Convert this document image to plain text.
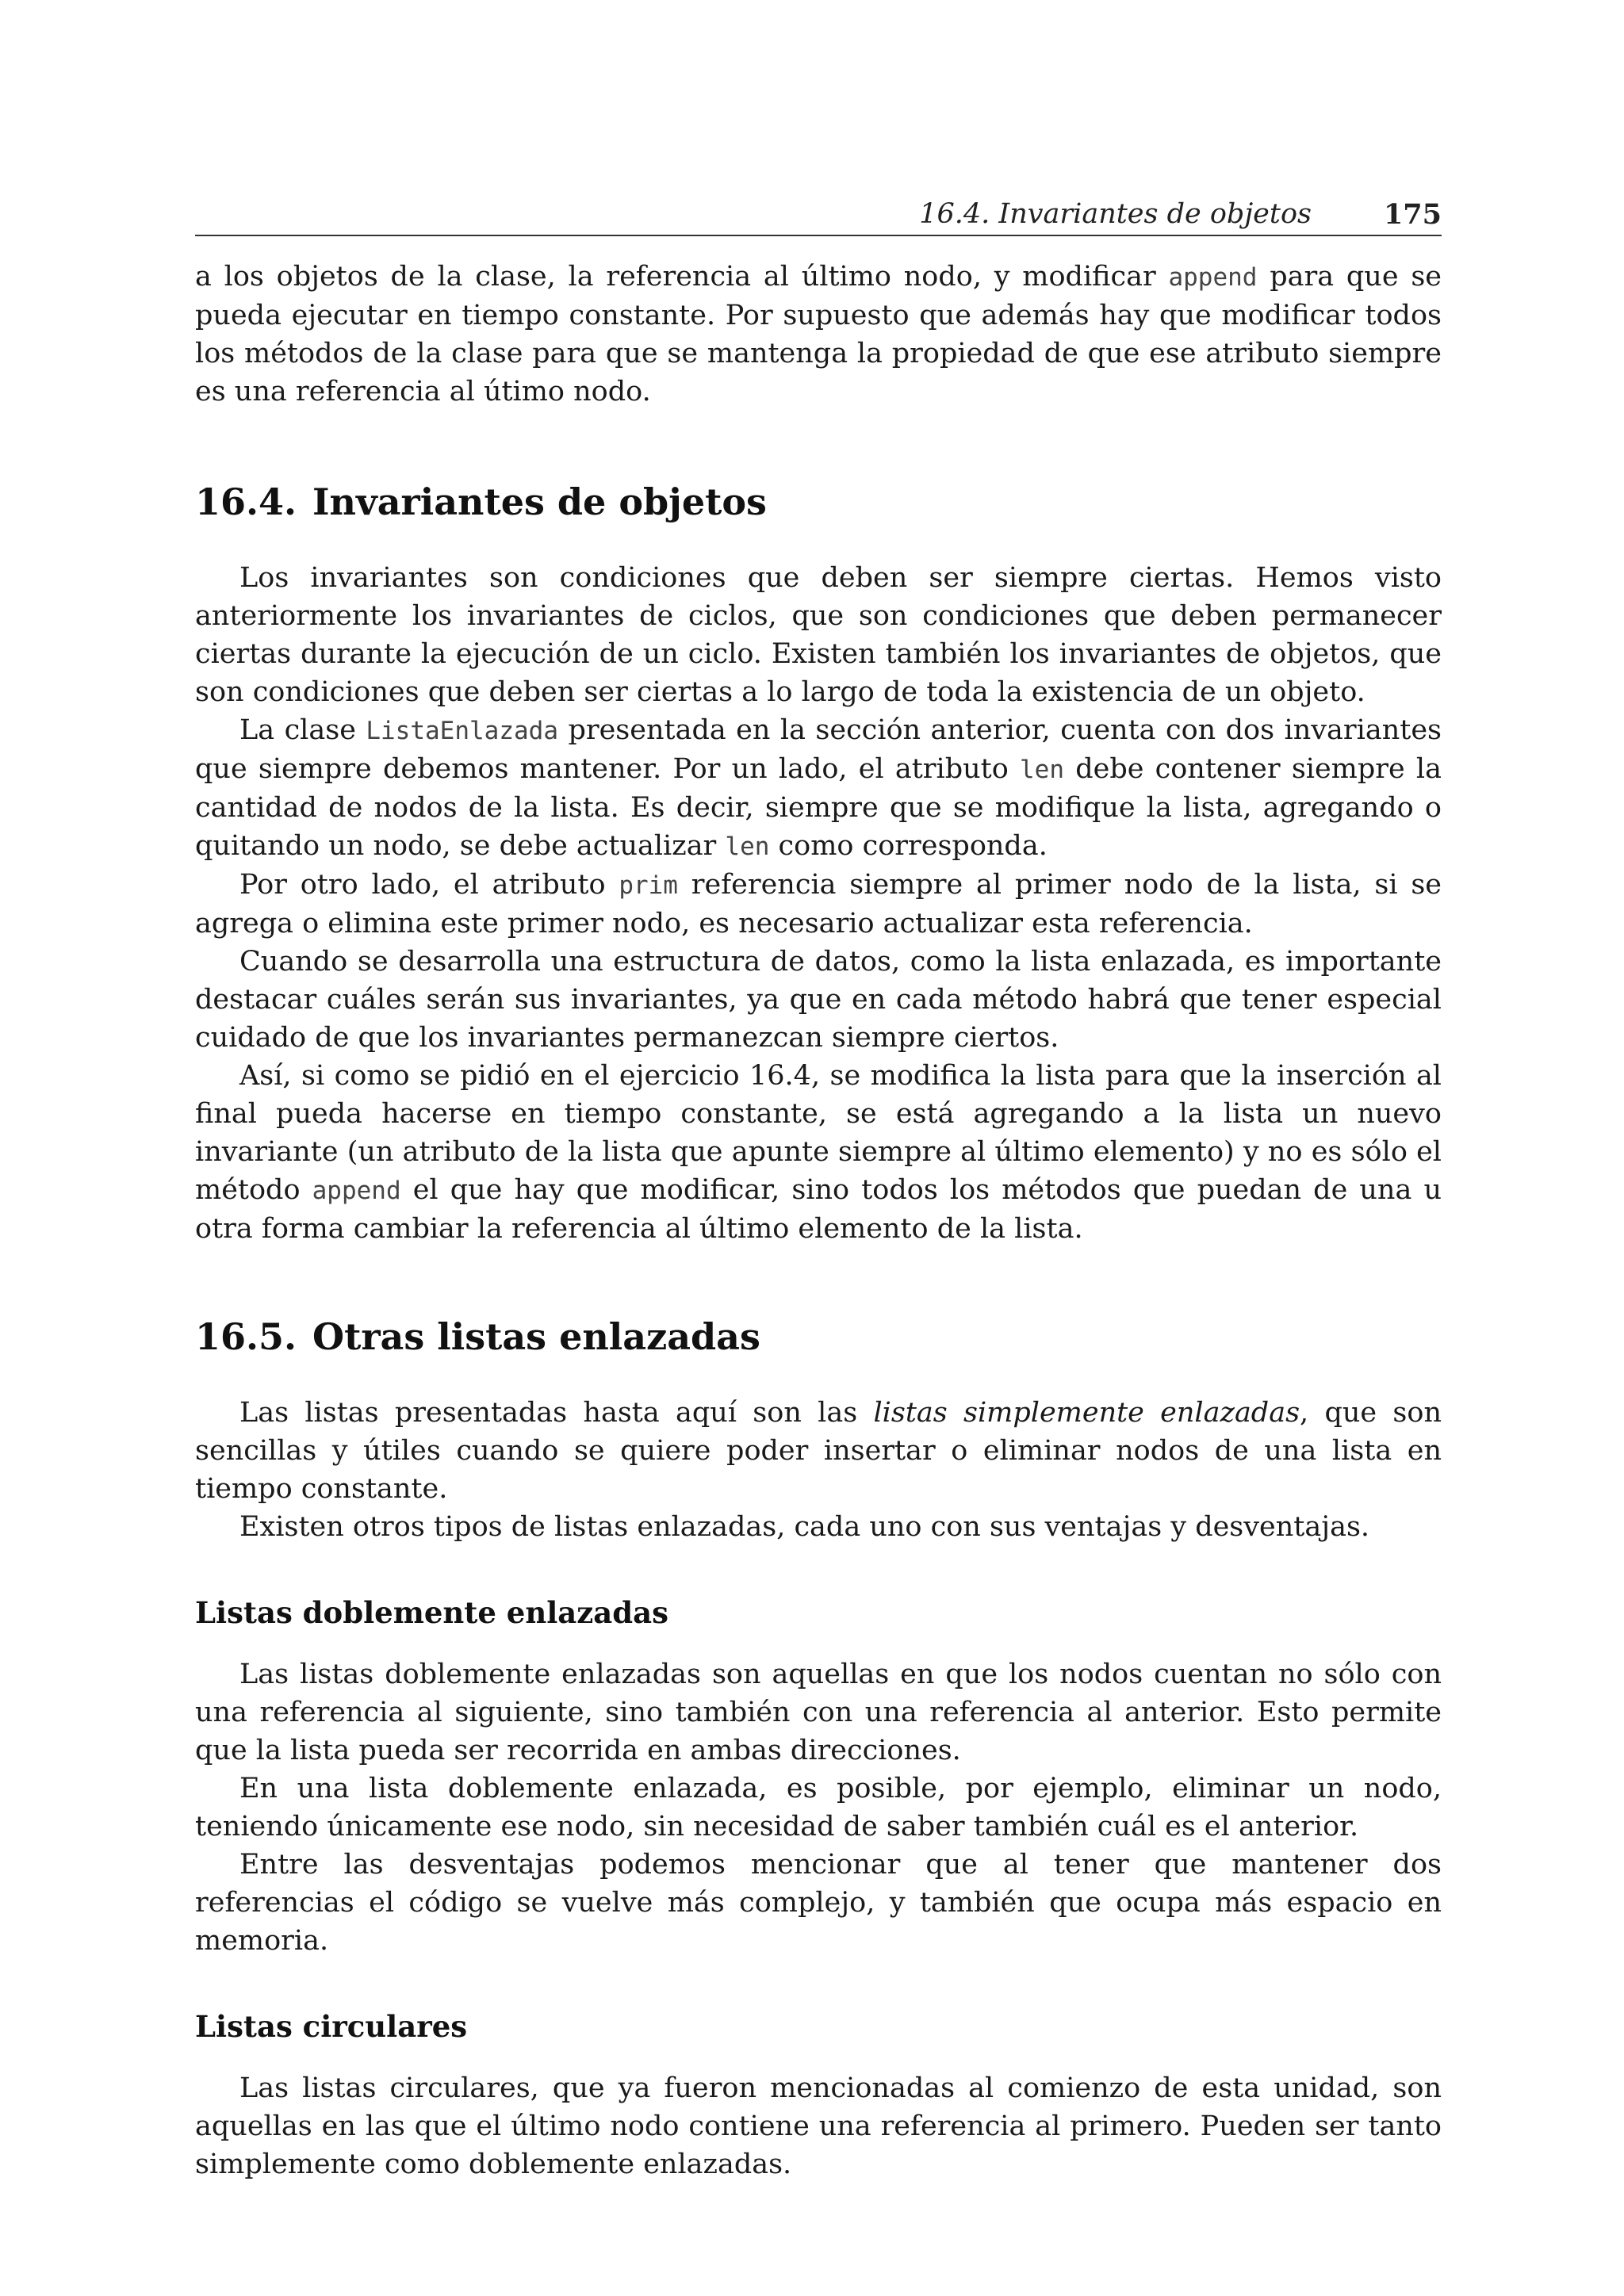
16.4. Invariantes de objetos	175

a los objetos de la clase, la referencia al último nodo, y modificar append para que se pueda ejecutar en tiempo constante. Por supuesto que además hay que modificar todos los métodos de la clase para que se mantenga la propiedad de que ese atributo siempre es una referencia al útimo nodo.

16.4. Invariantes de objetos

Los invariantes son condiciones que deben ser siempre ciertas. Hemos visto anteriormente los invariantes de ciclos, que son condiciones que deben permanecer ciertas durante la ejecución de un ciclo. Existen también los invariantes de objetos, que son condiciones que deben ser ciertas a lo largo de toda la existencia de un objeto.

La clase ListaEnlazada presentada en la sección anterior, cuenta con dos invariantes que siempre debemos mantener. Por un lado, el atributo len debe contener siempre la cantidad de nodos de la lista. Es decir, siempre que se modifique la lista, agregando o quitando un nodo, se debe actualizar len como corresponda.

Por otro lado, el atributo prim referencia siempre al primer nodo de la lista, si se agrega o elimina este primer nodo, es necesario actualizar esta referencia.

Cuando se desarrolla una estructura de datos, como la lista enlazada, es importante destacar cuáles serán sus invariantes, ya que en cada método habrá que tener especial cuidado de que los invariantes permanezcan siempre ciertos.

Así, si como se pidió en el ejercicio 16.4, se modifica la lista para que la inserción al final pueda hacerse en tiempo constante, se está agregando a la lista un nuevo invariante (un atributo de la lista que apunte siempre al último elemento) y no es sólo el método append el que hay que modificar, sino todos los métodos que puedan de una u otra forma cambiar la referencia al último elemento de la lista.

16.5. Otras listas enlazadas

Las listas presentadas hasta aquí son las listas simplemente enlazadas, que son sencillas y útiles cuando se quiere poder insertar o eliminar nodos de una lista en tiempo constante.

Existen otros tipos de listas enlazadas, cada uno con sus ventajas y desventajas.

Listas doblemente enlazadas

Las listas doblemente enlazadas son aquellas en que los nodos cuentan no sólo con una referencia al siguiente, sino también con una referencia al anterior. Esto permite que la lista pueda ser recorrida en ambas direcciones.

En una lista doblemente enlazada, es posible, por ejemplo, eliminar un nodo, teniendo únicamente ese nodo, sin necesidad de saber también cuál es el anterior.

Entre las desventajas podemos mencionar que al tener que mantener dos referencias el código se vuelve más complejo, y también que ocupa más espacio en memoria.

Listas circulares

Las listas circulares, que ya fueron mencionadas al comienzo de esta unidad, son aquellas en las que el último nodo contiene una referencia al primero. Pueden ser tanto simplemente como doblemente enlazadas.
